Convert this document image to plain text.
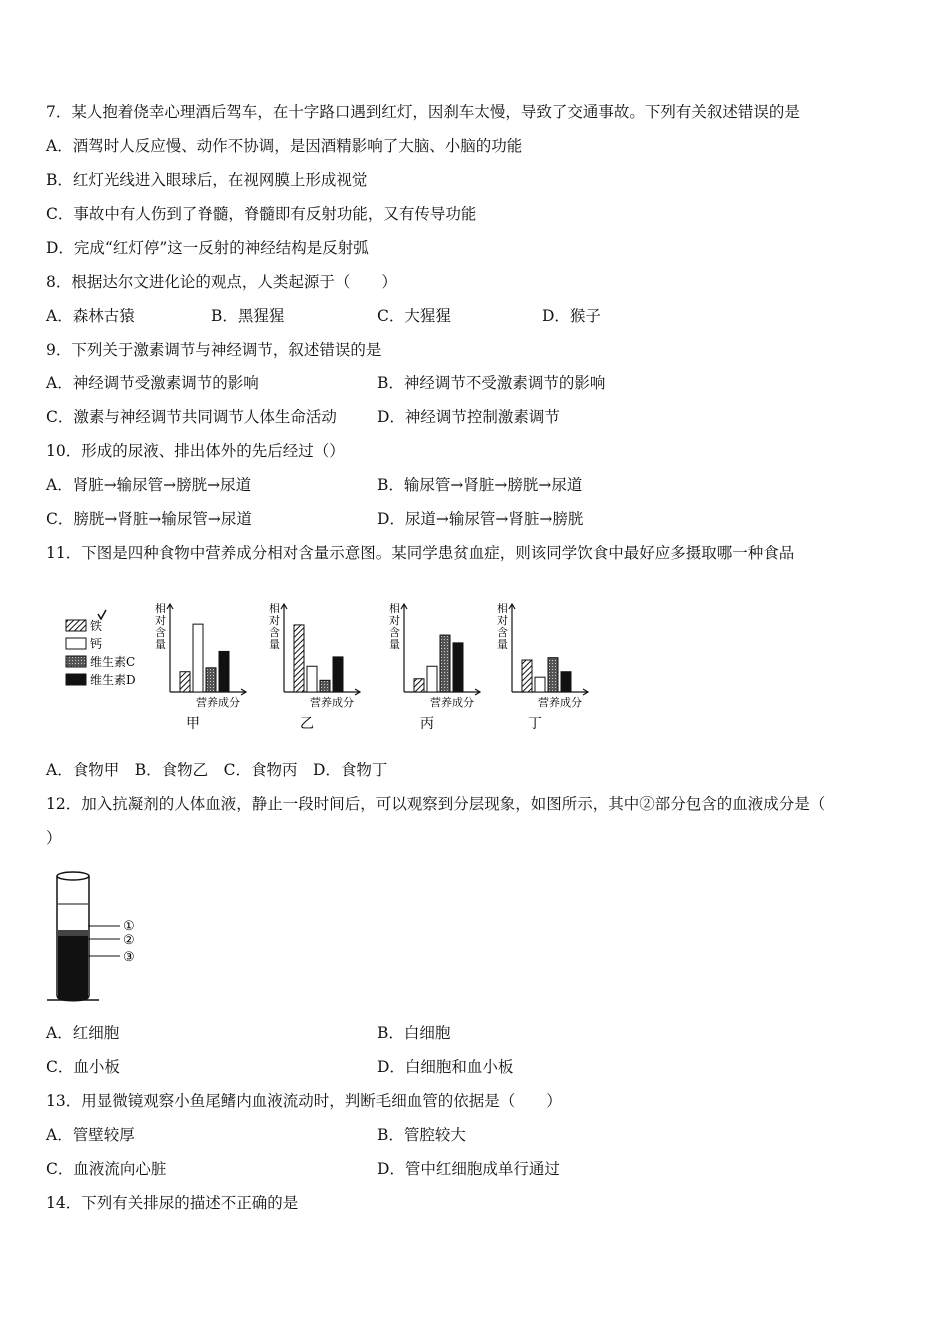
7．某人抱着侥幸心理酒后驾车，在十字路口遇到红灯，因刹车太慢，导致了交通事故。下列有关叙述错误的是
A．酒驾时人反应慢、动作不协调，是因酒精影响了大脑、小脑的功能
B．红灯光线进入眼球后，在视网膜上形成视觉
C．事故中有人伤到了脊髓，脊髓即有反射功能，又有传导功能
D．完成“红灯停”这一反射的神经结构是反射弧
8．根据达尔文进化论的观点，人类起源于（　　）
A．森林古猿	B．黑猩猩	C．大猩猩	D．猴子
9．下列关于激素调节与神经调节，叙述错误的是
A．神经调节受激素调节的影响	B．神经调节不受激素调节的影响
C．激素与神经调节共同调节人体生命活动	D．神经调节控制激素调节
10．形成的尿液、排出体外的先后经过（）
A．肾脏→输尿管→膀胱→尿道	B．输尿管→肾脏→膀胱→尿道
C．膀胱→肾脏→输尿管→尿道	D．尿道→输尿管→肾脏→膀胱
11．下图是四种食物中营养成分相对含量示意图。某同学患贫血症，则该同学饮食中最好应多摄取哪一种食品
铁
钙
维生素C
维生素D
相
对
含
量
营养成分
甲
相
对
含
量
营养成分
乙
相
对
含
量
营养成分
丙
相
对
含
量
营养成分
丁
A．食物甲　B．食物乙　C．食物丙　D．食物丁
12．加入抗凝剂的人体血液，静止一段时间后，可以观察到分层现象，如图所示，其中②部分包含的血液成分是（
）
①
②
③
A．红细胞	B．白细胞
C．血小板	D．白细胞和血小板
13．用显微镜观察小鱼尾鳍内血液流动时，判断毛细血管的依据是（　　）
A．管壁较厚	B．管腔较大
C．血液流向心脏	D．管中红细胞成单行通过
14．下列有关排尿的描述不正确的是
